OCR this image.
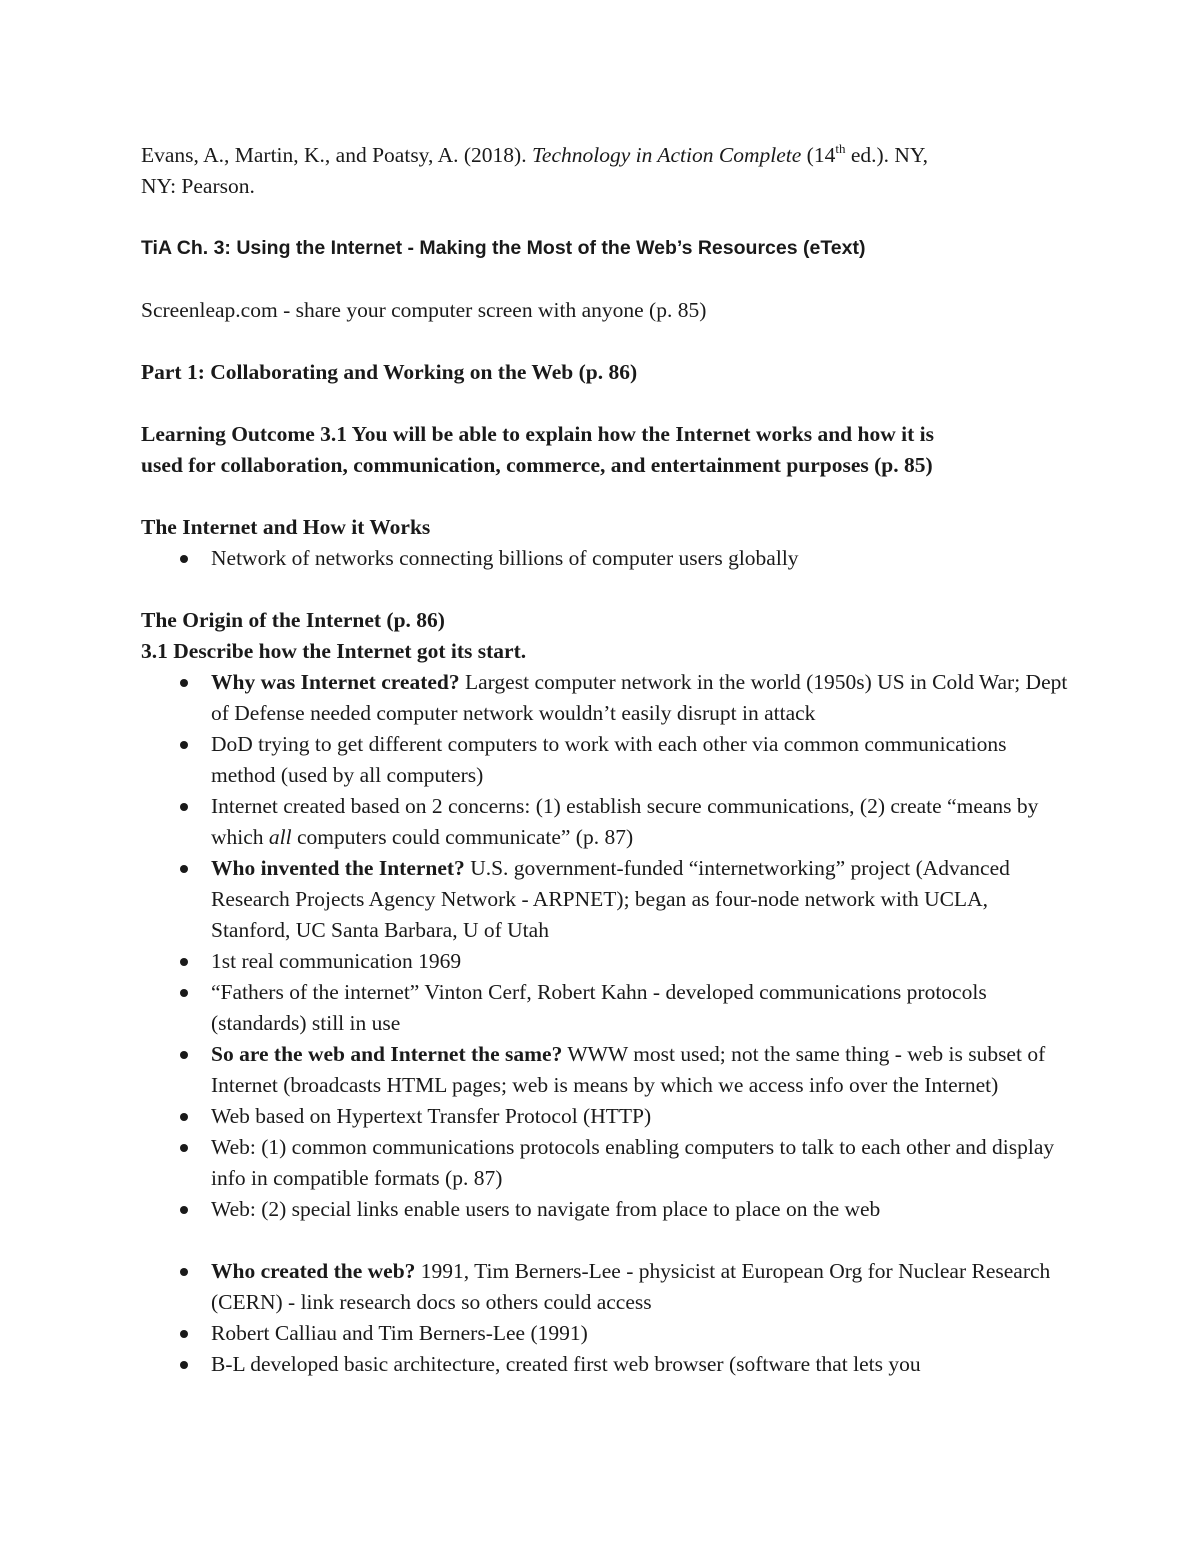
Evans, A., Martin, K., and Poatsy, A. (2018). Technology in Action Complete (14th ed.). NY,
NY: Pearson.

TiA Ch. 3: Using the Internet - Making the Most of the Web’s Resources (eText)

Screenleap.com - share your computer screen with anyone (p. 85)

Part 1: Collaborating and Working on the Web (p. 86)

Learning Outcome 3.1 You will be able to explain how the Internet works and how it is
used for collaboration, communication, commerce, and entertainment purposes (p. 85)

The Internet and How it Works

Network of networks connecting billions of computer users globally

The Origin of the Internet (p. 86)

3.1 Describe how the Internet got its start.

Why was Internet created? Largest computer network in the world (1950s) US in Cold War; Dept of Defense needed computer network wouldn’t easily disrupt in attack
DoD trying to get different computers to work with each other via common communications method (used by all computers)
Internet created based on 2 concerns: (1) establish secure communications, (2) create “means by which all computers could communicate” (p. 87)
Who invented the Internet? U.S. government-funded “internetworking” project (Advanced Research Projects Agency Network - ARPNET); began as four-node network with UCLA, Stanford, UC Santa Barbara, U of Utah
1st real communication 1969
“Fathers of the internet” Vinton Cerf, Robert Kahn - developed communications protocols (standards) still in use
So are the web and Internet the same? WWW most used; not the same thing - web is subset of Internet (broadcasts HTML pages; web is means by which we access info over the Internet)
Web based on Hypertext Transfer Protocol (HTTP)
Web: (1) common communications protocols enabling computers to talk to each other and display info in compatible formats (p. 87)
Web: (2) special links enable users to navigate from place to place on the web
Who created the web? 1991, Tim Berners-Lee - physicist at European Org for Nuclear Research (CERN) - link research docs so others could access
Robert Calliau and Tim Berners-Lee (1991)
B-L developed basic architecture, created first web browser (software that lets you
